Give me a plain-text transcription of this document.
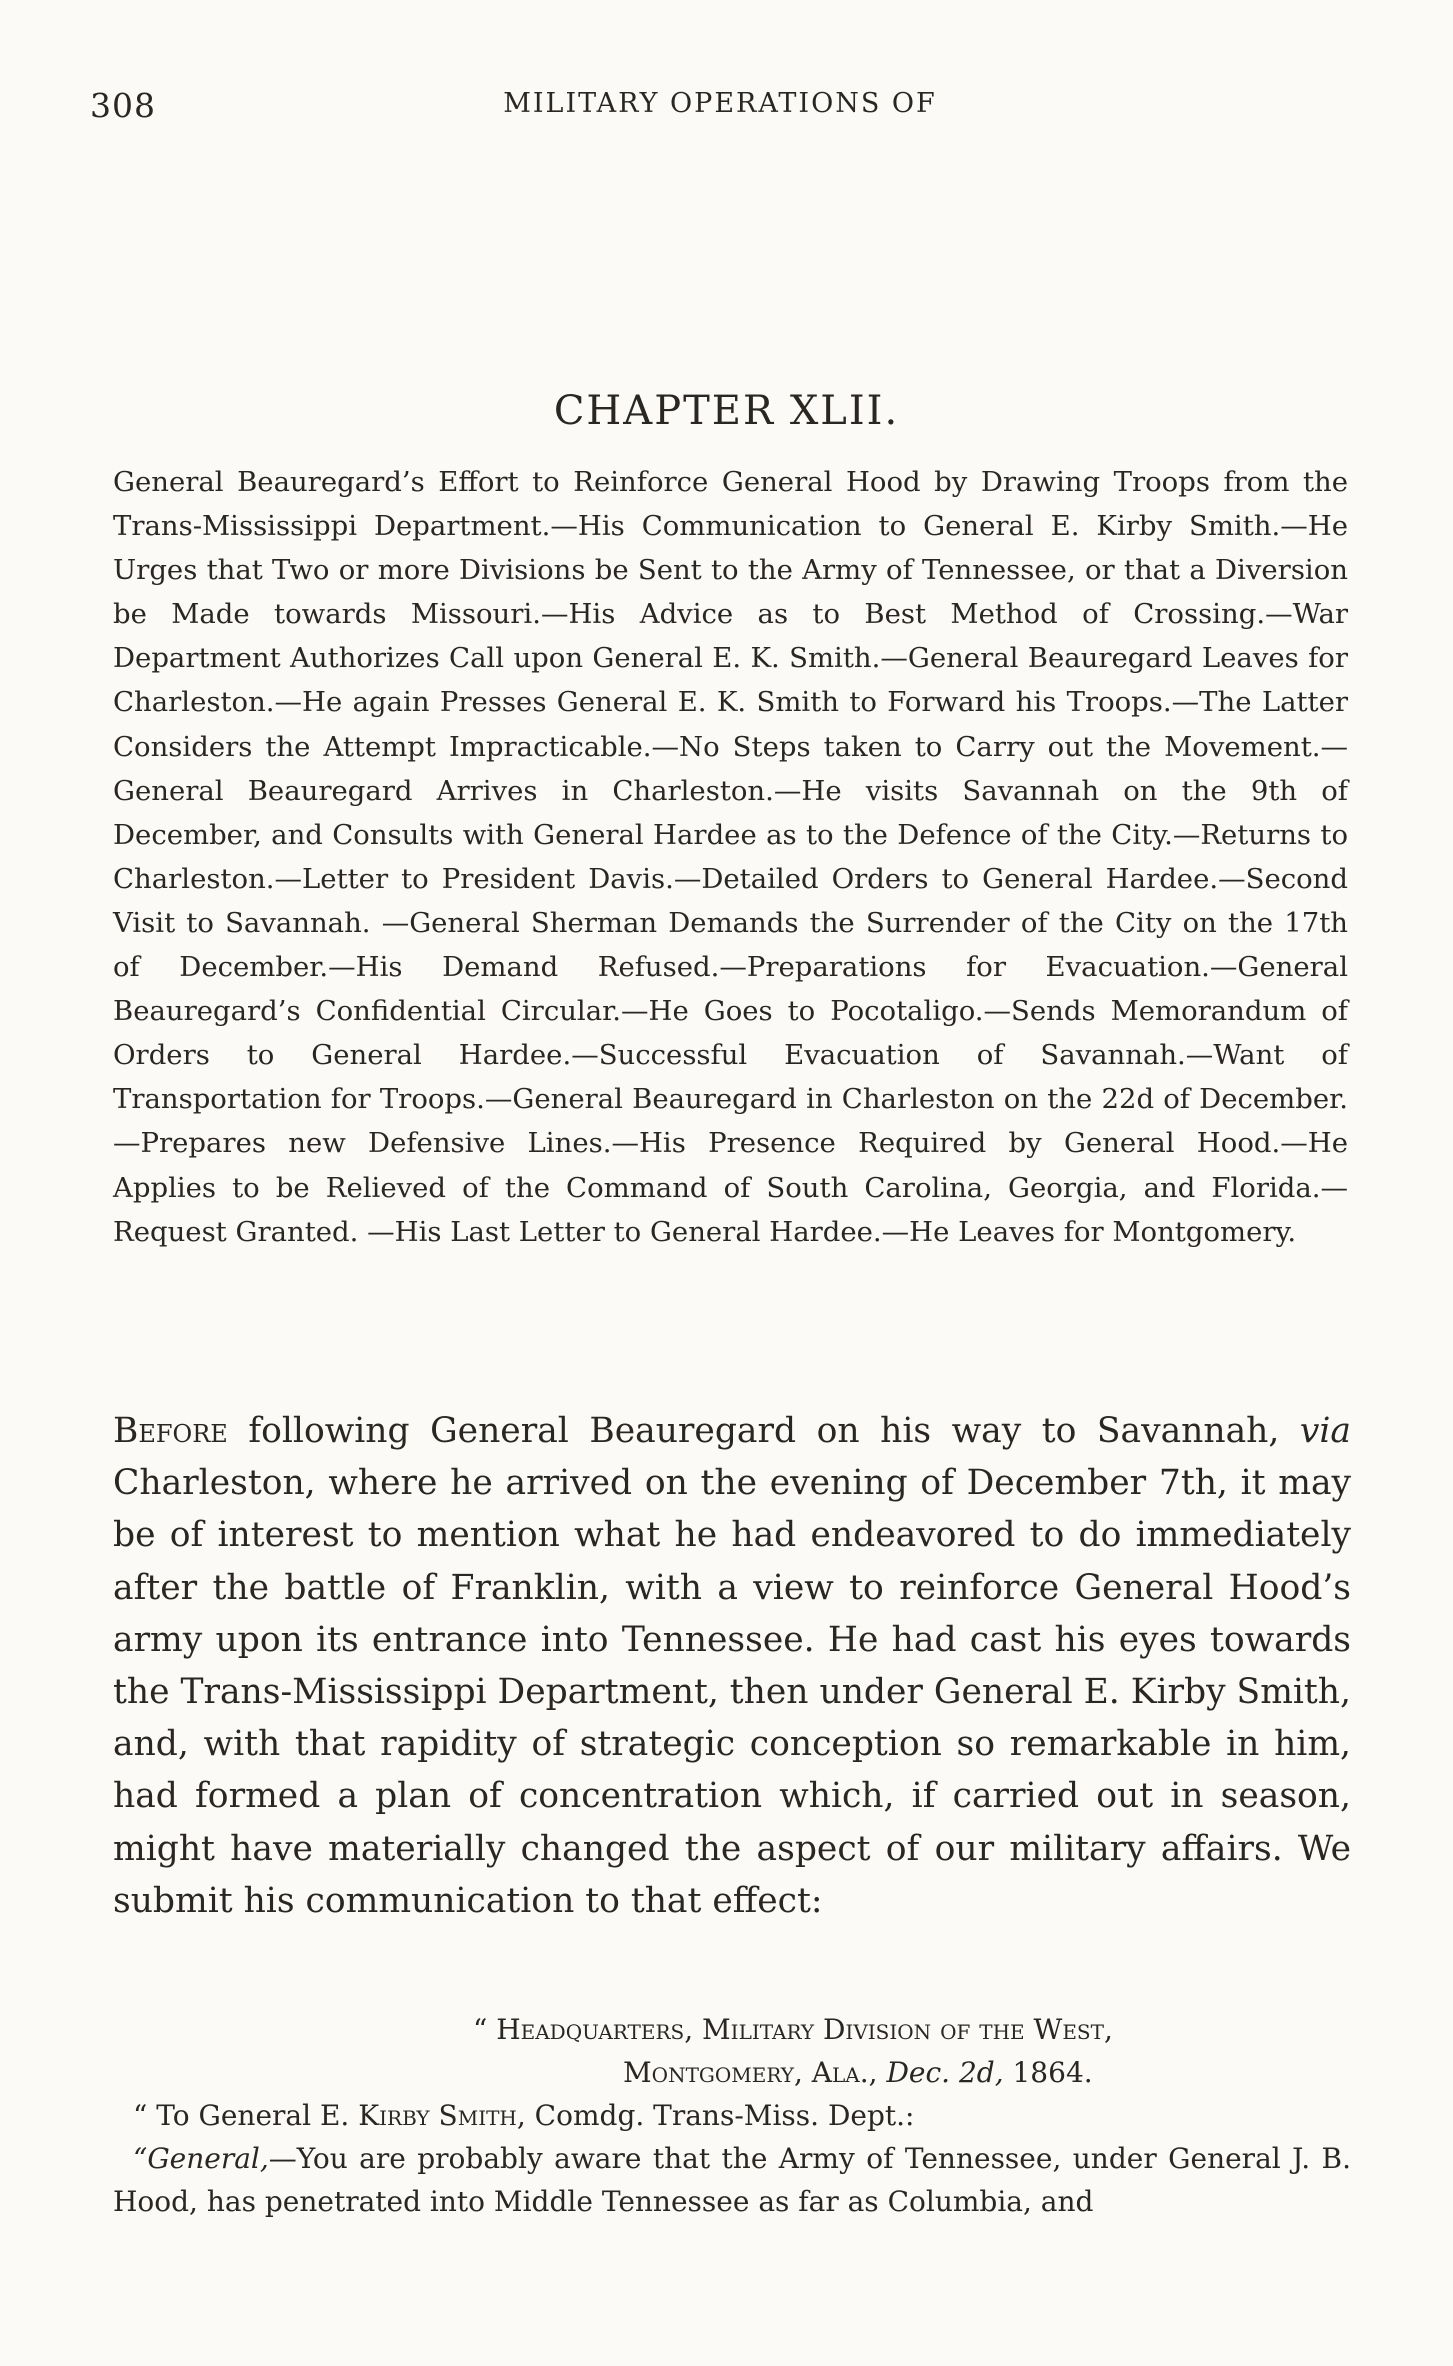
308	MILITARY OPERATIONS OF
CHAPTER XLII.
General Beauregard’s Effort to Reinforce General Hood by Drawing Troops from the Trans-Mississippi Department.—His Communication to General E. Kirby Smith.—He Urges that Two or more Divisions be Sent to the Army of Tennessee, or that a Diversion be Made towards Missouri.—His Advice as to Best Method of Crossing.—War Department Authorizes Call upon General E. K. Smith.—General Beauregard Leaves for Charleston.—He again Presses General E. K. Smith to Forward his Troops.—The Latter Considers the Attempt Impracticable.—No Steps taken to Carry out the Movement.—General Beauregard Arrives in Charleston.—He visits Savannah on the 9th of December, and Consults with General Hardee as to the Defence of the City.—Returns to Charleston.—Letter to President Davis.—Detailed Orders to General Hardee.—Second Visit to Savannah. —General Sherman Demands the Surrender of the City on the 17th of December.—His Demand Refused.—Preparations for Evacuation.—General Beauregard’s Confidential Circular.—He Goes to Pocotaligo.—Sends Memorandum of Orders to General Hardee.—Successful Evacuation of Savannah.—Want of Transportation for Troops.—General Beauregard in Charleston on the 22d of December.—Prepares new Defensive Lines.—His Presence Required by General Hood.—He Applies to be Relieved of the Command of South Carolina, Georgia, and Florida.—Request Granted. —His Last Letter to General Hardee.—He Leaves for Montgomery.
Before following General Beauregard on his way to Savannah, via Charleston, where he arrived on the evening of December 7th, it may be of interest to mention what he had endeavored to do immediately after the battle of Franklin, with a view to reinforce General Hood’s army upon its entrance into Tennessee. He had cast his eyes towards the Trans-Mississippi Department, then under General E. Kirby Smith, and, with that rapidity of strategic conception so remarkable in him, had formed a plan of concentration which, if carried out in season, might have materially changed the aspect of our military affairs. We submit his communication to that effect:
“ Headquarters, Military Division of the West,
Montgomery, Ala., Dec. 2d, 1864.
“ To General E. Kirby Smith, Comdg. Trans-Miss. Dept.:
“General,—You are probably aware that the Army of Tennessee, under General J. B. Hood, has penetrated into Middle Tennessee as far as Columbia, and
